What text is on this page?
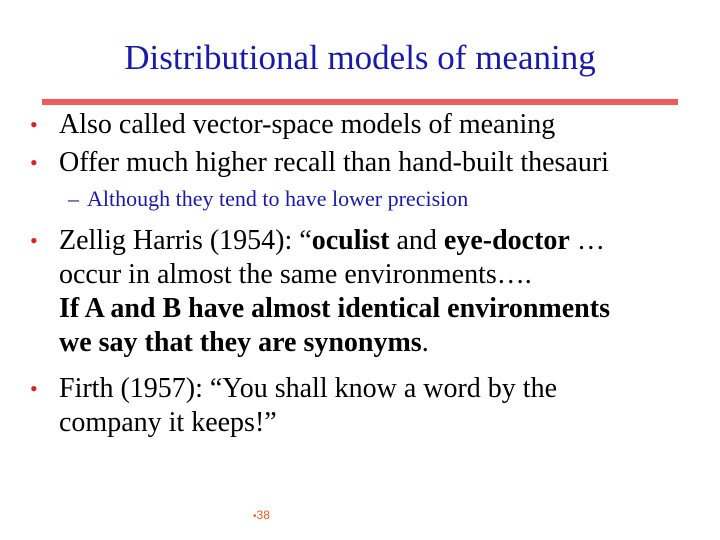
Distributional models of meaning
• Also called vector-space models of meaning
• Offer much higher recall than hand-built thesauri
– Although they tend to have lower precision
• Zellig Harris (1954): “oculist and eye-doctor …
occur in almost the same environments….
If A and B have almost identical environments
we say that they are synonyms.
• Firth (1957): “You shall know a word by the
company it keeps!”
•38
